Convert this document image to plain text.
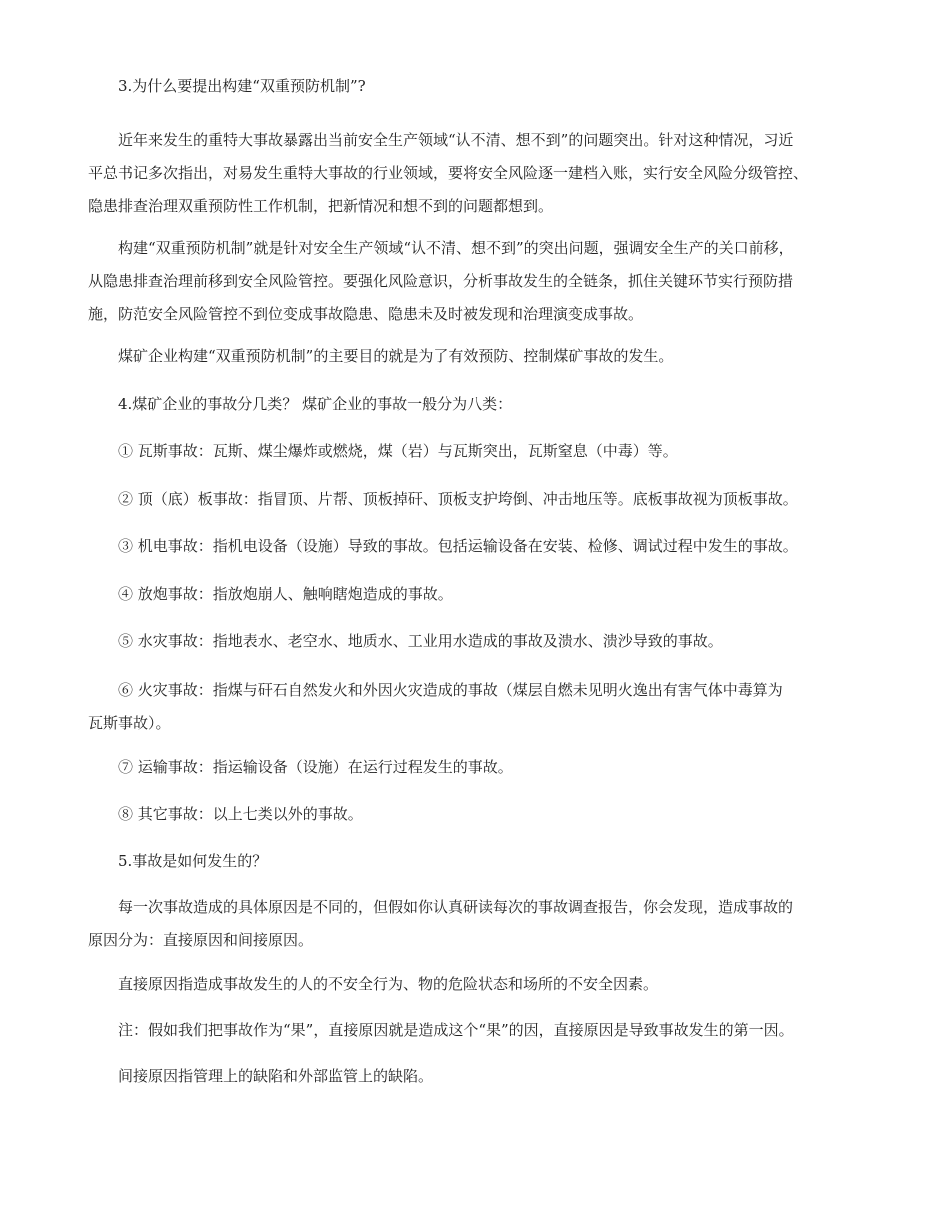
3.为什么要提出构建“双重预防机制”?

近年来发生的重特大事故暴露出当前安全生产领域“认不清、想不到”的问题突出。针对这种情况，习近
平总书记多次指出，对易发生重特大事故的行业领域，要将安全风险逐一建档入账，实行安全风险分级管控、
隐患排查治理双重预防性工作机制，把新情况和想不到的问题都想到。

构建“双重预防机制”就是针对安全生产领域“认不清、想不到”的突出问题，强调安全生产的关口前移，
从隐患排查治理前移到安全风险管控。要强化风险意识，分析事故发生的全链条，抓住关键环节实行预防措
施，防范安全风险管控不到位变成事故隐患、隐患未及时被发现和治理演变成事故。

煤矿企业构建“双重预防机制”的主要目的就是为了有效预防、控制煤矿事故的发生。

4.煤矿企业的事故分几类？ 煤矿企业的事故一般分为八类：

① 瓦斯事故：瓦斯、煤尘爆炸或燃烧，煤（岩）与瓦斯突出，瓦斯窒息（中毒）等。

② 顶（底）板事故：指冒顶、片帮、顶板掉矸、顶板支护垮倒、冲击地压等。底板事故视为顶板事故。

③ 机电事故：指机电设备（设施）导致的事故。包括运输设备在安装、检修、调试过程中发生的事故。

④ 放炮事故：指放炮崩人、触响瞎炮造成的事故。

⑤ 水灾事故：指地表水、老空水、地质水、工业用水造成的事故及溃水、溃沙导致的事故。

⑥ 火灾事故：指煤与矸石自然发火和外因火灾造成的事故（煤层自燃未见明火逸出有害气体中毒算为
瓦斯事故）。

⑦ 运输事故：指运输设备（设施）在运行过程发生的事故。

⑧ 其它事故：以上七类以外的事故。

5.事故是如何发生的？

每一次事故造成的具体原因是不同的，但假如你认真研读每次的事故调查报告，你会发现，造成事故的
原因分为：直接原因和间接原因。

直接原因指造成事故发生的人的不安全行为、物的危险状态和场所的不安全因素。

注：假如我们把事故作为“果”，直接原因就是造成这个“果”的因，直接原因是导致事故发生的第一因。

间接原因指管理上的缺陷和外部监管上的缺陷。
